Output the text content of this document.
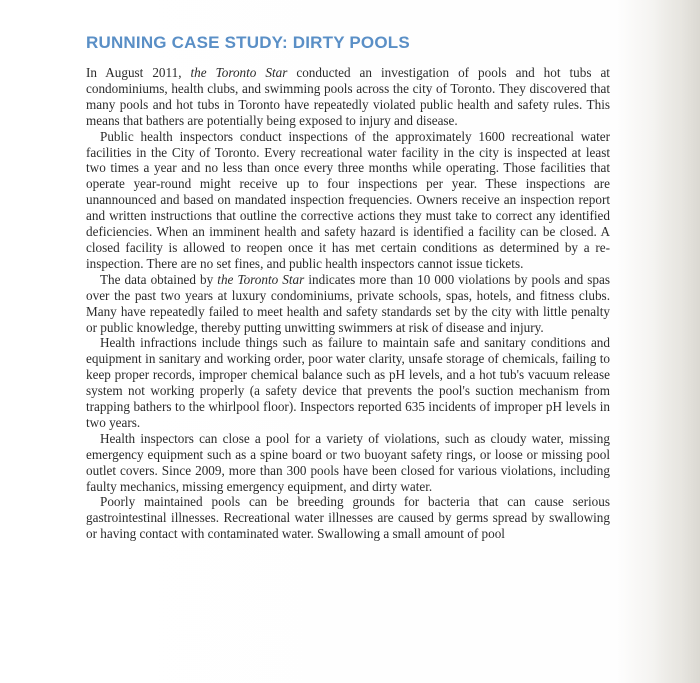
RUNNING CASE STUDY: DIRTY POOLS

In August 2011, the Toronto Star conducted an investigation of pools and hot tubs at condominiums, health clubs, and swimming pools across the city of Toronto. They discovered that many pools and hot tubs in Toronto have repeatedly violated public health and safety rules. This means that bathers are potentially being exposed to injury and disease.

Public health inspectors conduct inspections of the approximately 1600 recreational water facilities in the City of Toronto. Every recreational water facility in the city is inspected at least two times a year and no less than once every three months while operating. Those facilities that operate year-round might receive up to four inspections per year. These inspections are unannounced and based on mandated inspection frequencies. Owners receive an inspection report and written instructions that outline the corrective actions they must take to correct any identified deficiencies. When an imminent health and safety hazard is identified a facility can be closed. A closed facility is allowed to reopen once it has met certain conditions as determined by a re-inspection. There are no set fines, and public health inspectors cannot issue tickets.

The data obtained by the Toronto Star indicates more than 10 000 violations by pools and spas over the past two years at luxury condominiums, private schools, spas, hotels, and fitness clubs. Many have repeatedly failed to meet health and safety standards set by the city with little penalty or public knowledge, thereby putting unwitting swimmers at risk of disease and injury.

Health infractions include things such as failure to maintain safe and sanitary conditions and equipment in sanitary and working order, poor water clarity, unsafe storage of chemicals, failing to keep proper records, improper chemical balance such as pH levels, and a hot tub's vacuum release system not working properly (a safety device that prevents the pool's suction mechanism from trapping bathers to the whirlpool floor). Inspectors reported 635 incidents of improper pH levels in two years.

Health inspectors can close a pool for a variety of violations, such as cloudy water, missing emergency equipment such as a spine board or two buoyant safety rings, or loose or missing pool outlet covers. Since 2009, more than 300 pools have been closed for various violations, including faulty mechanics, missing emergency equipment, and dirty water.

Poorly maintained pools can be breeding grounds for bacteria that can cause serious gastrointestinal illnesses. Recreational water illnesses are caused by germs spread by swallowing or having contact with contaminated water. Swallowing a small amount of pool
